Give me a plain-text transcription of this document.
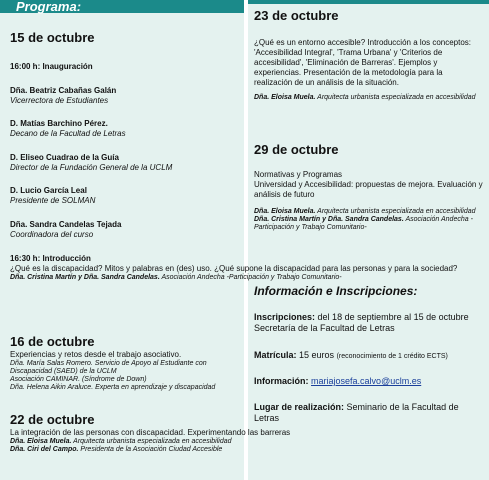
Programa:
15 de octubre
16:00 h: Inauguración
Dña. Beatriz Cabañas Galán
Vicerrectora de Estudiantes
D. Matías Barchino Pérez.
Decano de la Facultad de Letras
D. Eliseo Cuadrao de la Guía
Director de la Fundación General de la UCLM
D. Lucio García Leal
Presidente de SOLMAN
Dña. Sandra Candelas Tejada
Coordinadora del curso
16:30 h: Introducción
¿Qué es la discapacidad? Mitos y palabras en (des) uso. ¿Qué supone la discapacidad para las personas y para la sociedad?
Dña. Cristina Martín y Dña. Sandra Candelas. Asociación Andecha -Participación y Trabajo Comunitario-
16 de octubre
Experiencias y retos desde el trabajo asociativo.
Dña. María Salas Romero. Servicio de Apoyo al Estudiante con
Discapacidad (SAED) de la UCLM
Asociación CAMINAR. (Síndrome de Down)
Dña. Helena Aikin Araluce. Experta en aprendizaje y discapacidad
22 de octubre
La integración de las personas con discapacidad. Experimentando las barreras
Dña. Eloisa Muela. Arquitecta urbanista especializada en accesibilidad
Dña. Ciri del Campo. Presidenta de la Asociación Ciudad Accesible
23 de octubre
¿Qué es un entorno accesible? Introducción a los conceptos: 'Accesibilidad Integral', 'Trama Urbana' y 'Criterios de accesibilidad', 'Eliminación de Barreras'. Ejemplos y experiencias. Presentación de la metodología para la realización de un análisis de la situación.
Dña. Eloisa Muela. Arquitecta urbanista especializada en accesibilidad
29 de octubre
Normativas y Programas
Universidad y Accesibilidad: propuestas de mejora. Evaluación y análisis de futuro
Dña. Eloisa Muela. Arquitecta urbanista especializada en accesibilidad
Dña. Cristina Martín y Dña. Sandra Candelas. Asociación Andecha -Participación y Trabajo Comunitario-
Información e Inscripciones:
Inscripciones: del 18 de septiembre al 15 de octubre Secretaría de la Facultad de Letras
Matrícula: 15 euros (reconocimiento de 1 crédito ECTS)
Información: mariajosefa.calvo@uclm.es
Lugar de realización: Seminario de la Facultad de Letras
